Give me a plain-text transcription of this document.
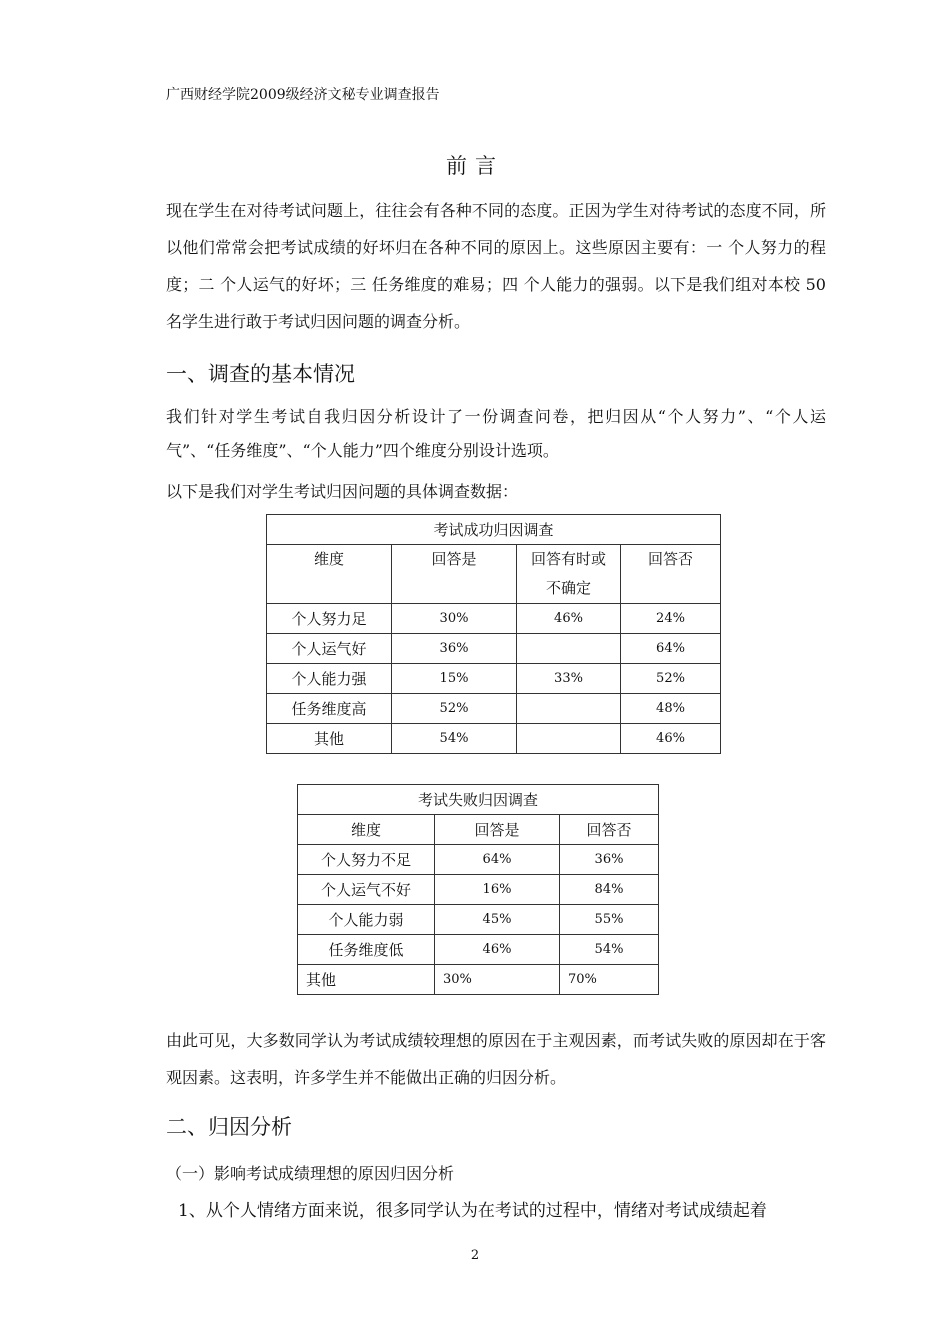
广西财经学院2009级经济文秘专业调查报告
前言
现在学生在对待考试问题上，往往会有各种不同的态度。正因为学生对待考试的态度不同，所以他们常常会把考试成绩的好坏归在各种不同的原因上。这些原因主要有：一 个人努力的程度；二 个人运气的好坏；三 任务维度的难易；四 个人能力的强弱。以下是我们组对本校 50 名学生进行敢于考试归因问题的调查分析。
一、调查的基本情况
我们针对学生考试自我归因分析设计了一份调查问卷，把归因从“个人努力”、“个人运气”、“任务维度”、“个人能力”四个维度分别设计选项。
以下是我们对学生考试归因问题的具体调查数据：
考试成功归因调查			
维度	回答是	回答有时或不确定	回答否
个人努力足	30%	46%	24%
个人运气好	36%		64%
个人能力强	15%	33%	52%
任务维度高	52%		48%
其他	54%		46%
考试失败归因调查		
维度	回答是	回答否
个人努力不足	64%	36%
个人运气不好	16%	84%
个人能力弱	45%	55%
任务维度低	46%	54%
其他	30%	70%
由此可见，大多数同学认为考试成绩较理想的原因在于主观因素，而考试失败的原因却在于客观因素。这表明，许多学生并不能做出正确的归因分析。
二、归因分析
（一）影响考试成绩理想的原因归因分析
1、从个人情绪方面来说，很多同学认为在考试的过程中，情绪对考试成绩起着
2
